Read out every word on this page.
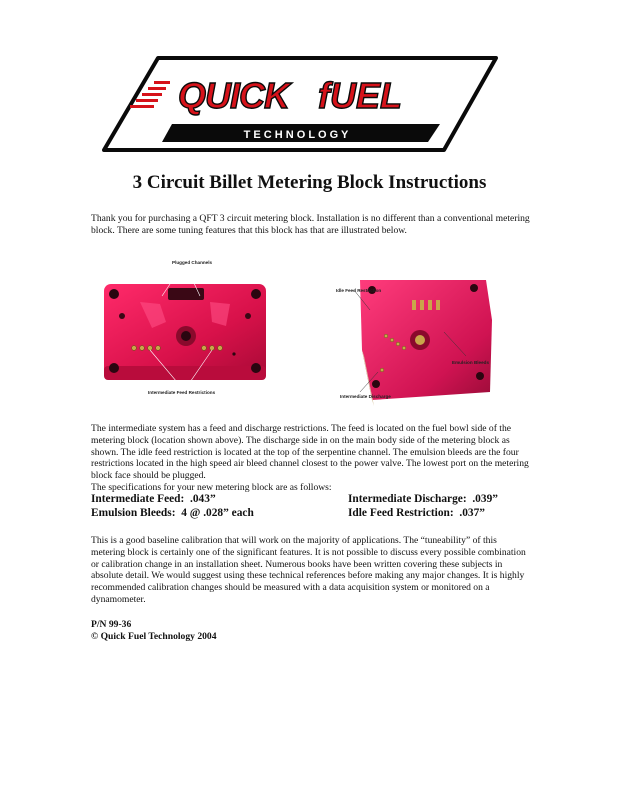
QUICK fUEL
T E C H N O L O G Y
3 Circuit Billet Metering Block Instructions
Thank you for purchasing a QFT 3 circuit metering block. Installation is no different than a conventional metering block. There are some tuning features that this block has that are illustrated below.
Plugged Channels
Intermediate Feed Restrictions
Idle Feed Restriction
Emulsion Bleeds
Intermediate Discharge
The intermediate system has a feed and discharge restrictions. The feed is located on the fuel bowl side of the metering block (location shown above). The discharge side in on the main body side of the metering block as shown. The idle feed restriction is located at the top of the serpentine channel. The emulsion bleeds are the four restrictions located in the high speed air bleed channel closest to the power valve. The lowest port on the metering block face should be plugged.
The specifications for your new metering block are as follows:
Intermediate Feed: .043”	Intermediate Discharge: .039”
Emulsion Bleeds: 4 @ .028” each	Idle Feed Restriction: .037”
This is a good baseline calibration that will work on the majority of applications. The “tuneability” of this metering block is certainly one of the significant features. It is not possible to discuss every possible combination or calibration change in an installation sheet. Numerous books have been written covering these subjects in absolute detail. We would suggest using these technical references before making any major changes. It is highly recommended calibration changes should be measured with a data acquisition system or monitored on a dynamometer.
P/N 99-36
© Quick Fuel Technology 2004
